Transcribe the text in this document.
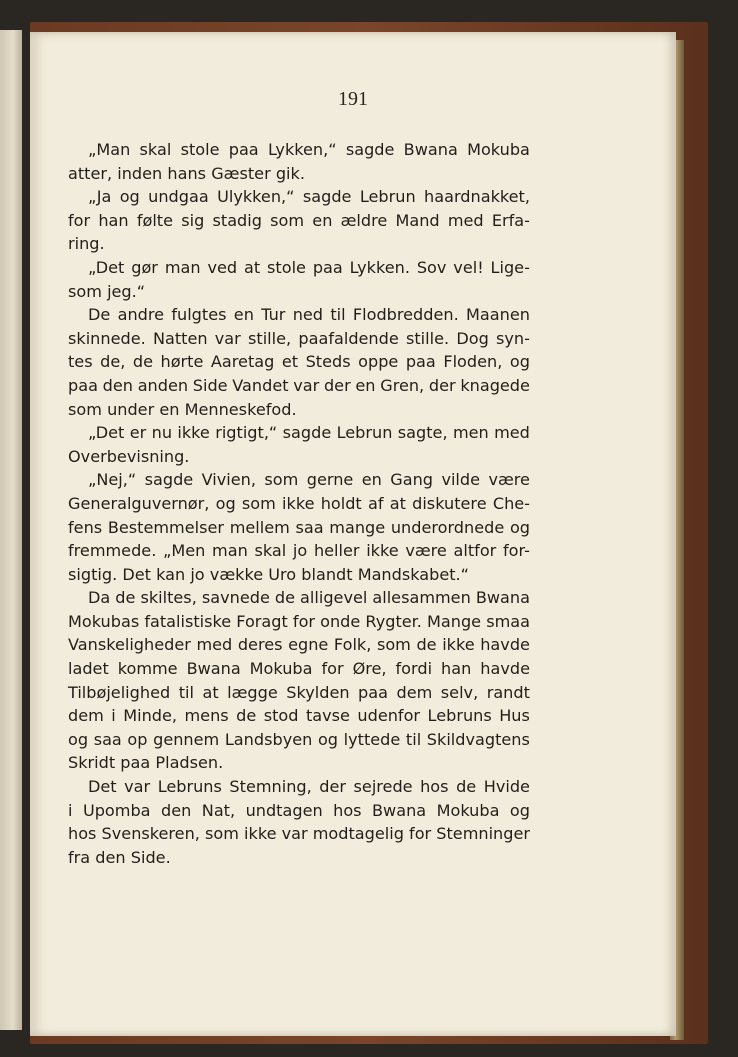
191
„Man skal stole paa Lykken,“ sagde Bwana Mokuba
atter, inden hans Gæster gik.
„Ja og undgaa Ulykken,“ sagde Lebrun haardnakket,
for han følte sig stadig som en ældre Mand med Erfa-
ring.
„Det gør man ved at stole paa Lykken. Sov vel! Lige-
som jeg.“
De andre fulgtes en Tur ned til Flodbredden. Maanen
skinnede. Natten var stille, paafaldende stille. Dog syn-
tes de, de hørte Aaretag et Steds oppe paa Floden, og
paa den anden Side Vandet var der en Gren, der knagede
som under en Menneskefod.
„Det er nu ikke rigtigt,“ sagde Lebrun sagte, men med
Overbevisning.
„Nej,“ sagde Vivien, som gerne en Gang vilde være
Generalguvernør, og som ikke holdt af at diskutere Che-
fens Bestemmelser mellem saa mange underordnede og
fremmede. „Men man skal jo heller ikke være altfor for-
sigtig. Det kan jo vække Uro blandt Mandskabet.“
Da de skiltes, savnede de alligevel allesammen Bwana
Mokubas fatalistiske Foragt for onde Rygter. Mange smaa
Vanskeligheder med deres egne Folk, som de ikke havde
ladet komme Bwana Mokuba for Øre, fordi han havde
Tilbøjelighed til at lægge Skylden paa dem selv, randt
dem i Minde, mens de stod tavse udenfor Lebruns Hus
og saa op gennem Landsbyen og lyttede til Skildvagtens
Skridt paa Pladsen.
Det var Lebruns Stemning, der sejrede hos de Hvide
i Upomba den Nat, undtagen hos Bwana Mokuba og
hos Svenskeren, som ikke var modtagelig for Stemninger
fra den Side.
